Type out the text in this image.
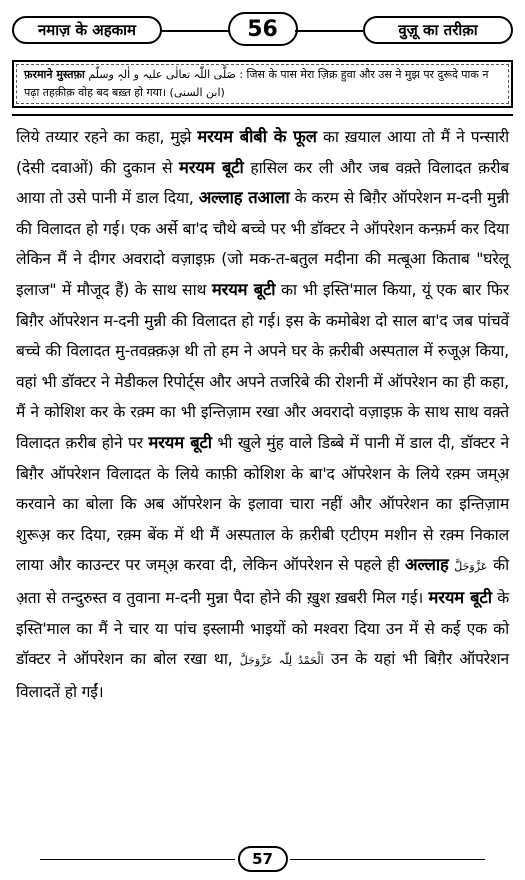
नमाज़ के अहकाम	56	वुज़ू का तरीक़ा
फ़रमाने मुस्तफ़ा صَلَّی اللّٰہ تعالٰی علیہ و اٰلہٖ وسلّم : जिस के पास मेरा ज़िक्र हुवा और उस ने मुझ पर दुरूदे पाक न पढ़ा तहक़ीक़ वोह बद बख़्त हो गया। (ابن السنی)

लिये तय्यार रहने का कहा, मुझे मरयम बीबी के फूल का ख़याल आया तो मैं ने पन्सारी (देसी दवाओं) की दुकान से मरयम बूटी हासिल कर ली और जब वक़्ते विलादत क़रीब आया तो उसे पानी में डाल दिया, अल्लाह तआला के करम से बिग़ैर ऑपरेशन म-दनी मुन्नी की विलादत हो गई। एक अर्से बा'द चौथे बच्चे पर भी डॉक्टर ने ऑपरेशन कन्फ़र्म कर दिया लेकिन मैं ने दीगर अवरादो वज़ाइफ़ (जो मक-त-बतुल मदीना की मत्बूआ किताब "घरेलू इलाज" में मौजूद हैं) के साथ साथ मरयम बूटी का भी इस्ति'माल किया, यूं एक बार फिर बिग़ैर ऑपरेशन म-दनी मुन्नी की विलादत हो गई। इस के कमोबेश दो साल बा'द जब पांचवें बच्चे की विलादत मु-तवक़्क़अ़ थी तो हम ने अपने घर के क़रीबी अस्पताल में रुजूअ़ किया, वहां भी डॉक्टर ने मेडीकल रिपोर्ट्स और अपने तजरिबे की रोशनी में ऑपरेशन का ही कहा, मैं ने कोशिश कर के रक़्म का भी इन्तिज़ाम रखा और अवरादो वज़ाइफ़ के साथ साथ वक़्ते विलादत क़रीब होने पर मरयम बूटी भी खुले मुंह वाले डिब्बे में पानी में डाल दी, डॉक्टर ने बिग़ैर ऑपरेशन विलादत के लिये काफ़ी कोशिश के बा'द ऑपरेशन के लिये रक़्म जम्अ़ करवाने का बोला कि अब ऑपरेशन के इलावा चारा नहीं और ऑपरेशन का इन्तिज़ाम शुरूअ़ कर दिया, रक़्म बेंक में थी मैं अस्पताल के क़रीबी एटीएम मशीन से रक़्म निकाल लाया और काउन्टर पर जम्अ़ करवा दी, लेकिन ऑपरेशन से पहले ही अल्लाह عَزَّوَجَلَّ की अ़ता से तन्दुरुस्त व तुवाना म-दनी मुन्ना पैदा होने की ख़ुश ख़बरी मिल गई। मरयम बूटी के इस्ति'माल का मैं ने चार या पांच इस्लामी भाइयों को मश्वरा दिया उन में से कई एक को डॉक्टर ने ऑपरेशन का बोल रखा था, اَلْحَمْدُ لِلّٰہ عَزَّوَجَلَّ उन के यहां भी बिग़ैर ऑपरेशन विलादतें हो गईं।

57
